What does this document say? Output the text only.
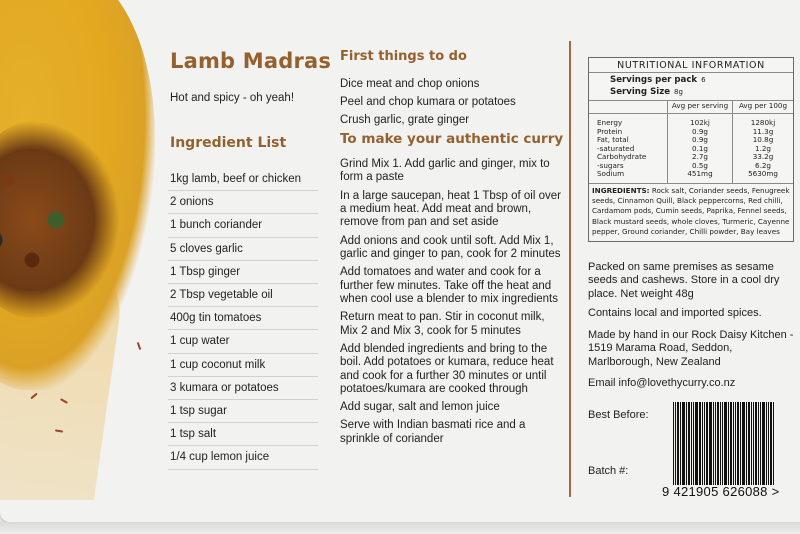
Lamb Madras
Hot and spicy - oh yeah!
Ingredient List
1kg lamb, beef or chicken
2 onions
1 bunch coriander
5 cloves garlic
1 Tbsp ginger
2 Tbsp vegetable oil
400g tin tomatoes
1 cup water
1 cup coconut milk
3 kumara or potatoes
1 tsp sugar
1 tsp salt
1/4 cup lemon juice
First things to do
Dice meat and chop onions
Peel and chop kumara or potatoes
Crush garlic, grate ginger
To make your authentic curry
Grind Mix 1. Add garlic and ginger, mix to form a paste
In a large saucepan, heat 1 Tbsp of oil over a medium heat. Add meat and brown, remove from pan and set aside
Add onions and cook until soft. Add Mix 1, garlic and ginger to pan, cook for 2 minutes
Add tomatoes and water and cook for a further few minutes. Take off the heat and when cool use a blender to mix ingredients
Return meat to pan. Stir in coconut milk, Mix 2 and Mix 3, cook for 5 minutes
Add blended ingredients and bring to the boil. Add potatoes or kumara, reduce heat and cook for a further 30 minutes or until potatoes/kumara are cooked through
Add sugar, salt and lemon juice
Serve with Indian basmati rice and a sprinkle of coriander
NUTRITIONAL INFORMATION
Servings per pack 6
Serving Size 8g
	Avg per serving	Avg per 100g
Energy	102kj	1280kj
Protein	0.9g	11.3g
Fat, total	0.9g	10.8g
-saturated	0.1g	1.2g
Carbohydrate	2.7g	33.2g
-sugars	0.5g	6.2g
Sodium	451mg	5630mg
INGREDIENTS: Rock salt, Coriander seeds, Fenugreek seeds, Cinnamon Quill, Black peppercorns, Red chilli, Cardamom pods, Cumin seeds, Paprika, Fennel seeds, Black mustard seeds, whole cloves, Turmeric, Cayenne pepper, Ground coriander, Chilli powder, Bay leaves
Packed on same premises as sesame seeds and cashews. Store in a cool dry place. Net weight 48g
Contains local and imported spices.
Made by hand in our Rock Daisy Kitchen - 1519 Marama Road, Seddon, Marlborough, New Zealand
Email info@lovethycurry.co.nz
Best Before:
Batch #:
9 421905 626088 >
